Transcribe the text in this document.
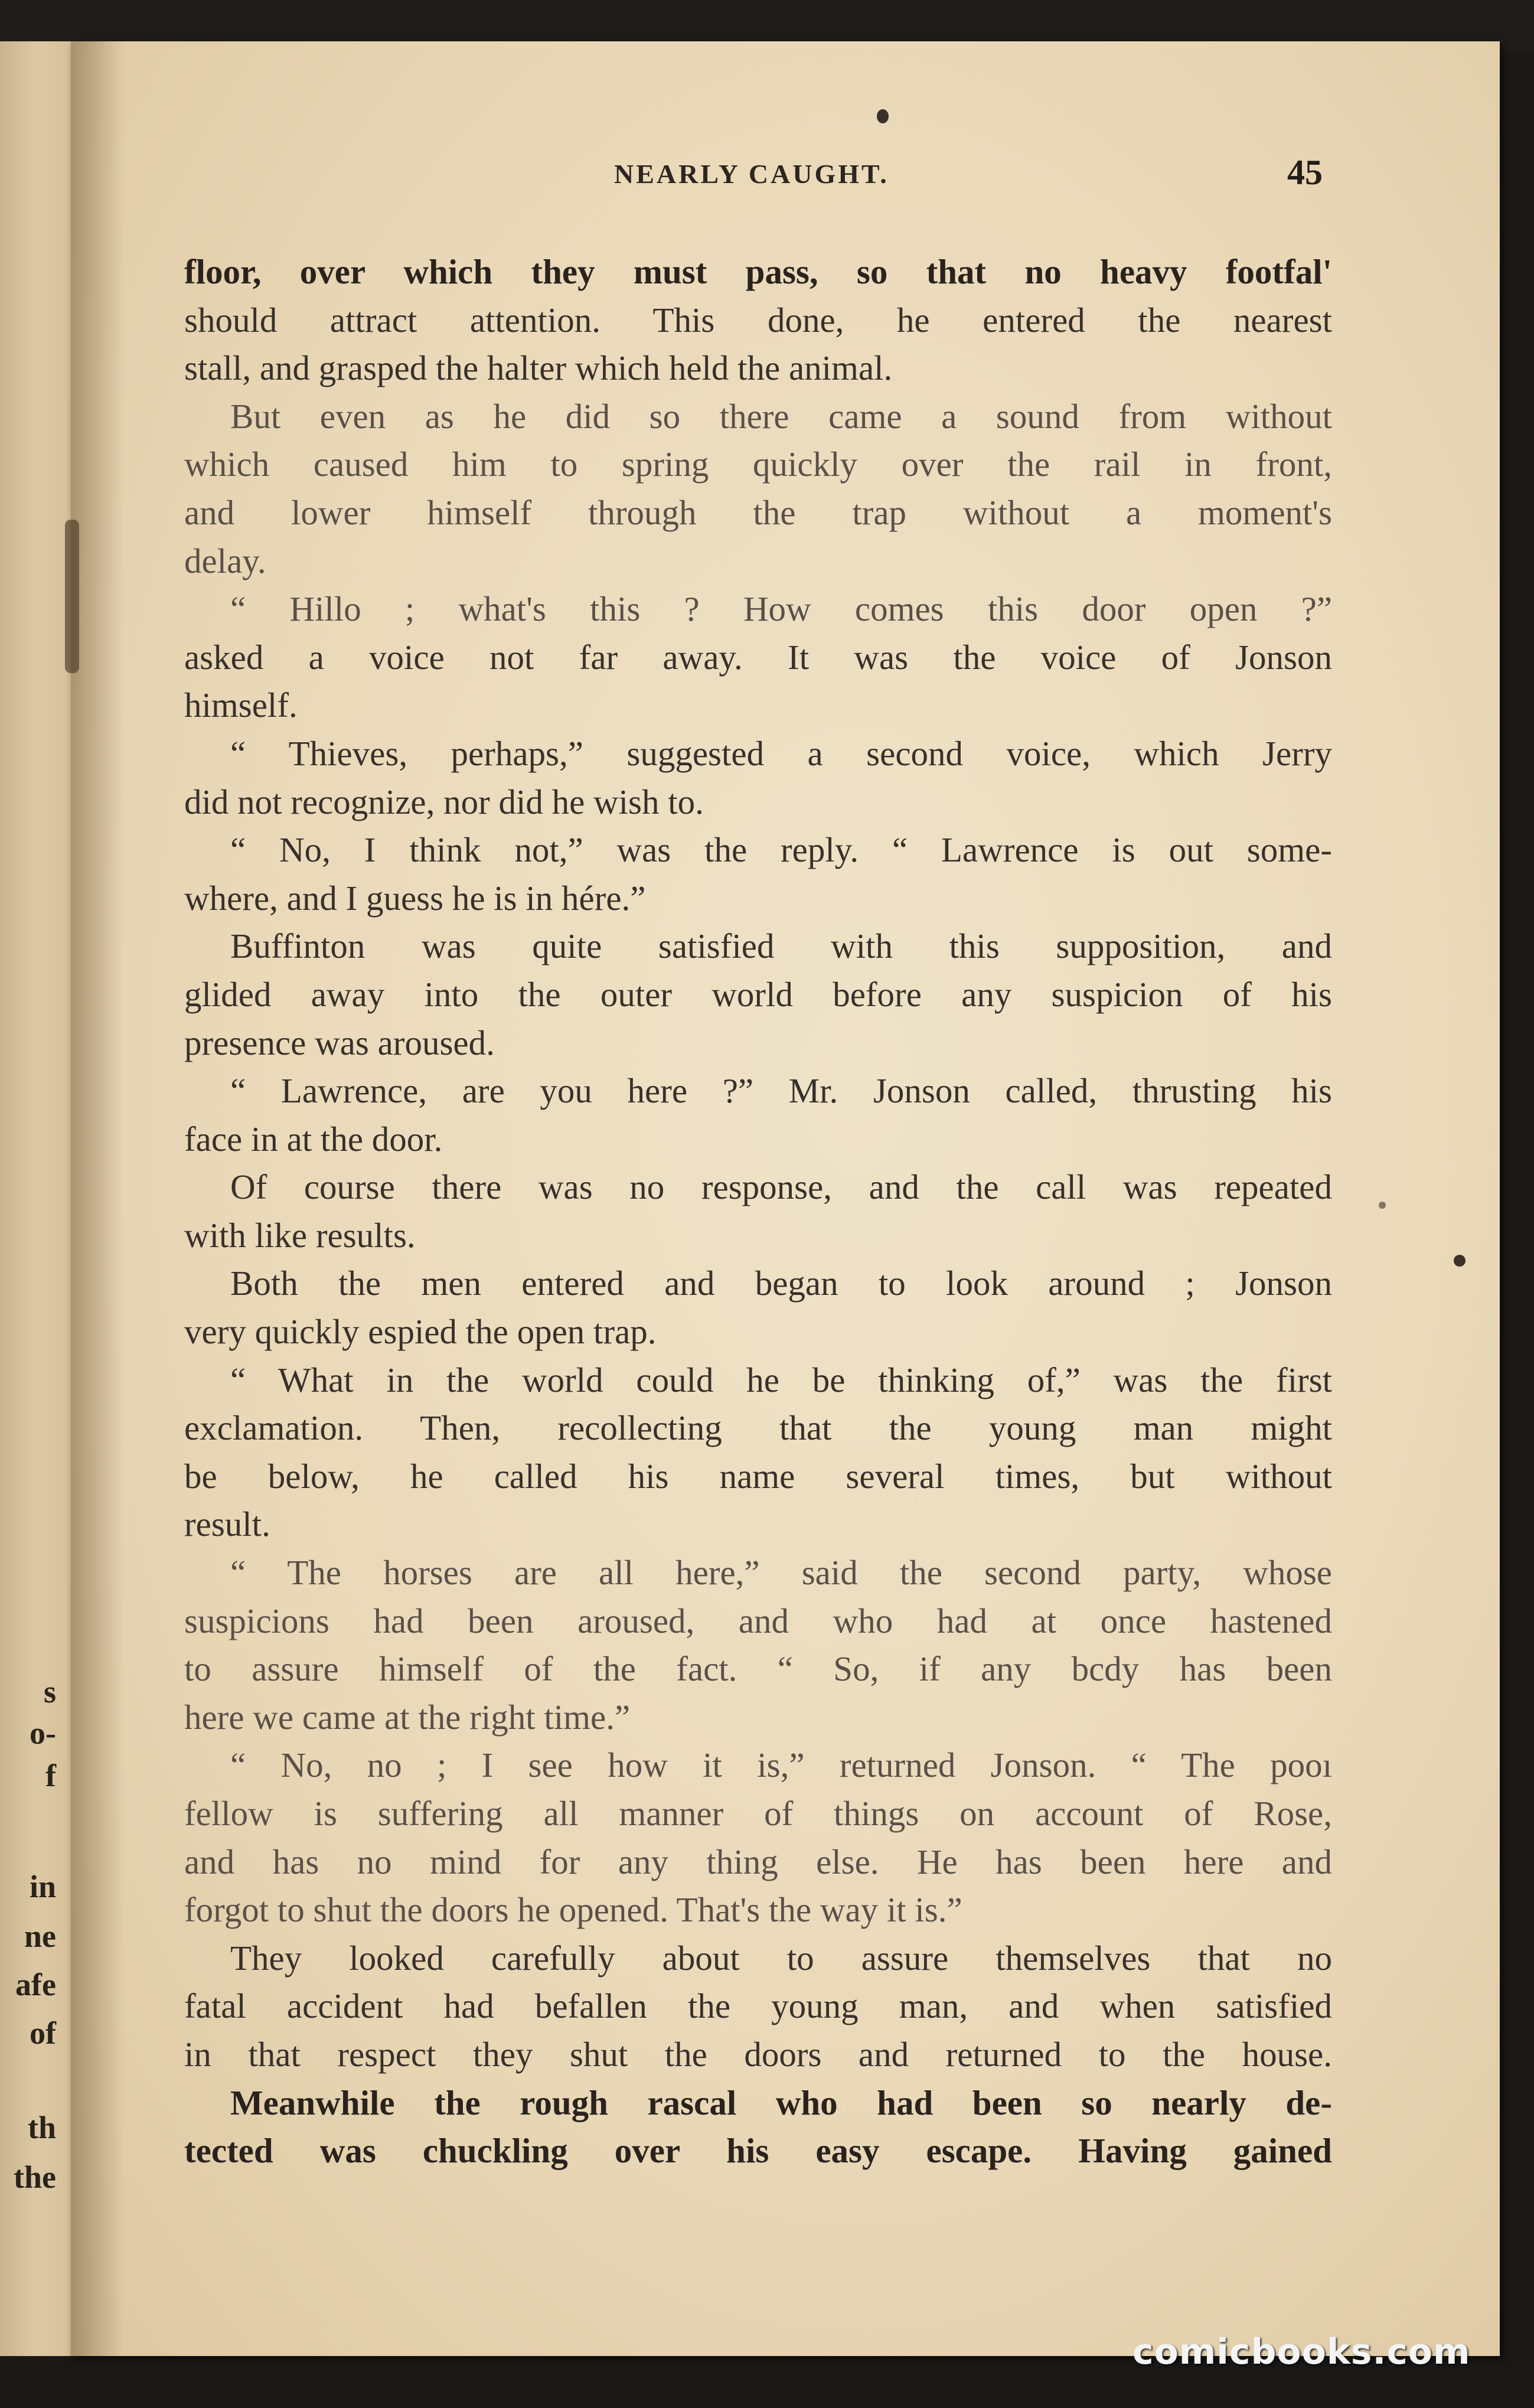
s
o-
f
in
ne
afe
of
th
the
NEARLY CAUGHT.	45
floor, over which they must pass, so that no heavy footfal'
should attract attention. This done, he entered the nearest
stall, and grasped the halter which held the animal.
But even as he did so there came a sound from without
which caused him to spring quickly over the rail in front,
and lower himself through the trap without a moment's
delay.
“ Hillo ; what's this ? How comes this door open ?”
asked a voice not far away. It was the voice of Jonson
himself.
“ Thieves, perhaps,” suggested a second voice, which Jerry
did not recognize, nor did he wish to.
“ No, I think not,” was the reply. “ Lawrence is out some-
where, and I guess he is in hére.”
Buffinton was quite satisfied with this supposition, and
glided away into the outer world before any suspicion of his
presence was aroused.
“ Lawrence, are you here ?” Mr. Jonson called, thrusting his
face in at the door.
Of course there was no response, and the call was repeated
with like results.
Both the men entered and began to look around ; Jonson
very quickly espied the open trap.
“ What in the world could he be thinking of,” was the first
exclamation. Then, recollecting that the young man might
be below, he called his name several times, but without
result.
“ The horses are all here,” said the second party, whose
suspicions had been aroused, and who had at once hastened
to assure himself of the fact. “ So, if any bcdy has been
here we came at the right time.”
“ No, no ; I see how it is,” returned Jonson. “ The pooı
fellow is suffering all manner of things on account of Rose,
and has no mind for any thing else. He has been here and
forgot to shut the doors he opened. That's the way it is.”
They looked carefully about to assure themselves that no
fatal accident had befallen the young man, and when satisfied
in that respect they shut the doors and returned to the house.
Meanwhile the rough rascal who had been so nearly de-
tected was chuckling over his easy escape. Having gained
comicbooks.com
